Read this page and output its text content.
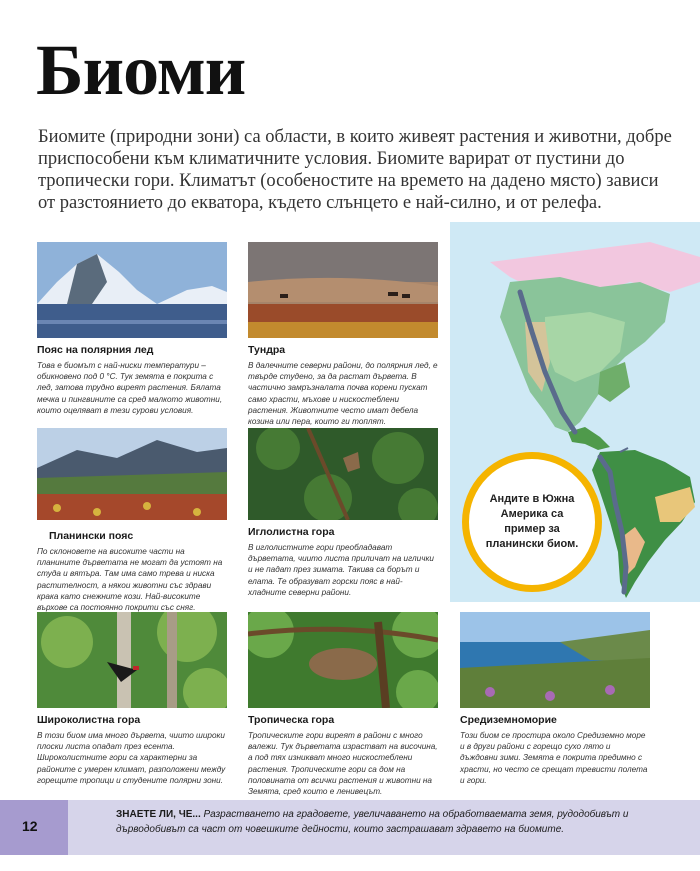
Биоми

Биомите (природни зони) са области, в които живеят растения и животни, добре приспособени към климатичните условия. Биомите варират от пустини до тропически гори. Климатът (особеностите на времето на дадено място) зависи от разстоянието до екватора, където слънцето е най-силно, и от релефа.

Андите в Южна Америка са пример за планински биом.
Пояс на полярния лед

Това е биомът с най-ниски температури – обикновено под 0 °С. Тук земята е покрита с лед, затова трудно виреят растения. Бялата мечка и пингвините са сред малкото животни, които оцеляват в тези сурови условия.

Тундра

В далечните северни райони, до полярния лед, е твърде студено, за да растат дървета. В частично замръзналата почва корени пускат само храсти, мъхове и нискостеблени растения. Животните често имат дебела козина или пера, които ги топлят.

Планински пояс

По склоновете на високите части на планините дърветата не могат да устоят на студа и вятъра. Там има само трева и ниска растителност, а някои животни със здрави крака като снежните кози. Най-високите върхове са постоянно покрити със сняг.

Иглолистна гора

В иглолистните гори преобладават дърветата, чиито листа приличат на иглички и не падат през зимата. Такива са борът и елата. Те образуват горски пояс в най-хладните северни райони.

Широколистна гора

В този биом има много дървета, чиито широки плоски листа опадат през есента. Широколистните гори са характерни за районите с умерен климат, разположени между горещите тропици и студените полярни зони.

Тропическа гора

Тропическите гори виреят в райони с много валежи. Тук дърветата израстват на височина, а под тях изникват много нискостеблени растения. Тропическите гори са дом на половината от всички растения и животни на Земята, сред които е ленивецът.

Средиземноморие

Този биом се простира около Средиземно море и в други райони с горещо сухо лято и дъждовни зими. Земята е покрита предимно с храсти, но често се срещат тревисти полета и гори.

12

ЗНАЕТЕ ЛИ, ЧЕ... Разрастването на градовете, увеличаването на обработваемата земя, рудодобивът и дърводобивът са част от човешките дейности, които застрашават здравето на биомите.
